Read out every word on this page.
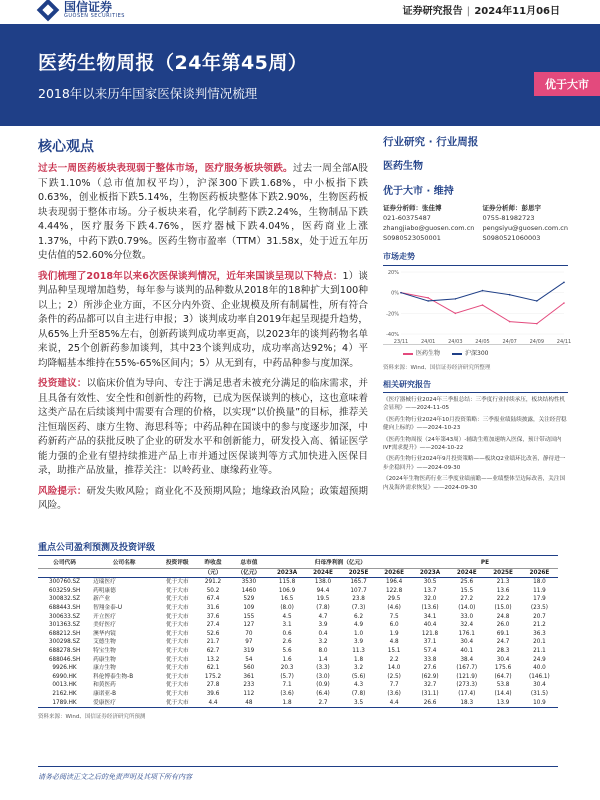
国信证券
GUOSEN SECURITIES	证券研究报告 | 2024年11月06日
医药生物周报（24年第45周）
2018年以来历年国家医保谈判情况梳理
优于大市
核心观点

过去一周医药板块表现弱于整体市场，医疗服务板块领跌。过去一周全部A股下跌1.10%（总市值加权平均），沪深300下跌1.68%，中小板指下跌0.63%，创业板指下跌5.14%，生物医药板块整体下跌2.90%，生物医药板块表现弱于整体市场。分子板块来看，化学制药下跌2.24%，生物制品下跌4.44%，医疗服务下跌4.76%，医疗器械下跌4.04%，医药商业上涨1.37%，中药下跌0.79%。医药生物市盈率（TTM）31.58x，处于近五年历史估值的52.60%分位数。

我们梳理了2018年以来6次医保谈判情况，近年来国谈呈现以下特点：1）谈判品种呈现增加趋势，每年参与谈判的品种数从2018年的18种扩大到100种以上；2）所涉企业方面，不区分内外资、企业规模及所有制属性，所有符合条件的药品都可以自主进行申报；3）谈判成功率自2019年起呈现提升趋势，从65%上升至85%左右，创新药谈判成功率更高，以2023年的谈判药物名单来说，25个创新药参加谈判，其中23个谈判成功，成功率高达92%；4）平均降幅基本维持在55%-65%区间内；5）从无到有，中药品种参与度加深。

投资建议：以临床价值为导向、专注于满足患者未被充分满足的临床需求，并且具备有效性、安全性和创新性的药物，已成为医保谈判的核心，这也意味着这类产品在后续谈判中需要有合理的价格，以实现“以价换量”的目标，推荐关注恒瑞医药、康方生物、海思科等；中药品种在国谈中的参与度逐步加深，中药新药产品的获批反映了企业的研发水平和创新能力，研发投入高、循证医学能力强的企业有望持续推进产品上市并通过医保谈判等方式加快进入医保目录，助推产品放量，推荐关注：以岭药业、康缘药业等。

风险提示：研发失败风险；商业化不及预期风险；地缘政治风险；政策超预期风险。

行业研究 · 行业周报
医药生物
优于大市 · 维持
证券分析师：张佳博
021-60375487
zhangjiabo@guosen.com.cn
S0980523050001
证券分析师：彭思宇
0755-81982723
pengsiyu@guosen.com.cn
S0980521060003
市场走势
-40%
-20%
0%
20%
23/11	24/01	24/03	24/05	24/07	24/09	24/11
医药生物	沪深300
资料来源：Wind、国信证券经济研究所整理
相关研究报告
《医疗器械行业2024年三季报总结：三季度行业持续承压，板块结构性机会显现》——2024-11-05
《医药生物行业2024年10月投资策略：三季报业绩陆续披露，关注经营稳健向上标的》——2024-10-23
《医药生物周报（24年第43周）-辅助生殖加速纳入医保，预计带动国内IVF需求提升》——2024-10-22
《医药生物行业2024年9月投资策略——板块Q2业绩环比改善，静待进一步企稳回升》——2024-09-30
《2024年生物医药行业三季度业绩前瞻——业绩整体呈边际改善，关注国内及海外需求恢复》——2024-09-30
重点公司盈利预测及投资评级
公司代码	公司名称	投资评级	昨收盘	总市值	归母净利润（亿元）				PE			
			（元）	（亿元）	2023A	2024E	2025E	2026E	2023A	2024E	2025E	2026E
300760.SZ	迈瑞医疗	优于大市	291.2	3530	115.8	138.0	165.7	196.4	30.5	25.6	21.3	18.0
603259.SH	药明康德	优于大市	50.2	1460	106.9	94.4	107.7	122.8	13.7	15.5	13.6	11.9
300832.SZ	新产业	优于大市	67.4	529	16.5	19.5	23.8	29.5	32.0	27.2	22.2	17.9
688443.SH	智翔金泰-U	优于大市	31.6	109	(8.0)	(7.8)	(7.3)	(4.6)	(13.6)	(14.0)	(15.0)	(23.5)
300633.SZ	开立医疗	优于大市	37.6	155	4.5	4.7	6.2	7.5	34.1	33.0	24.8	20.7
301363.SZ	美好医疗	优于大市	27.4	127	3.1	3.9	4.9	6.0	40.4	32.4	26.0	21.2
688212.SH	澳华内镜	优于大市	52.6	70	0.6	0.4	1.0	1.9	121.8	176.1	69.1	36.3
300298.SZ	艾德生物	优于大市	21.7	97	2.6	3.2	3.9	4.8	37.1	30.4	24.7	20.1
688278.SH	特宝生物	优于大市	62.7	319	5.6	8.0	11.3	15.1	57.4	40.1	28.3	21.1
688046.SH	药康生物	优于大市	13.2	54	1.6	1.4	1.8	2.2	33.8	38.4	30.4	24.9
9926.HK	康方生物	优于大市	62.1	560	20.3	(3.3)	3.2	14.0	27.6	(167.7)	175.6	40.0
6990.HK	科伦博泰生物-B	优于大市	175.2	361	(5.7)	(3.0)	(5.6)	(2.5)	(62.9)	(121.9)	(64.7)	(146.1)
0013.HK	和黄医药	优于大市	27.8	233	7.1	(0.9)	4.3	7.7	32.7	(273.3)	53.8	30.4
2162.HK	康诺亚-B	优于大市	39.6	112	(3.6)	(6.4)	(7.8)	(3.6)	(31.1)	(17.4)	(14.4)	(31.5)
1789.HK	爱康医疗	优于大市	4.4	48	1.8	2.7	3.5	4.4	26.6	18.3	13.9	10.9
资料来源：Wind、国信证券经济研究所预测
请务必阅读正文之后的免责声明及其项下所有内容
